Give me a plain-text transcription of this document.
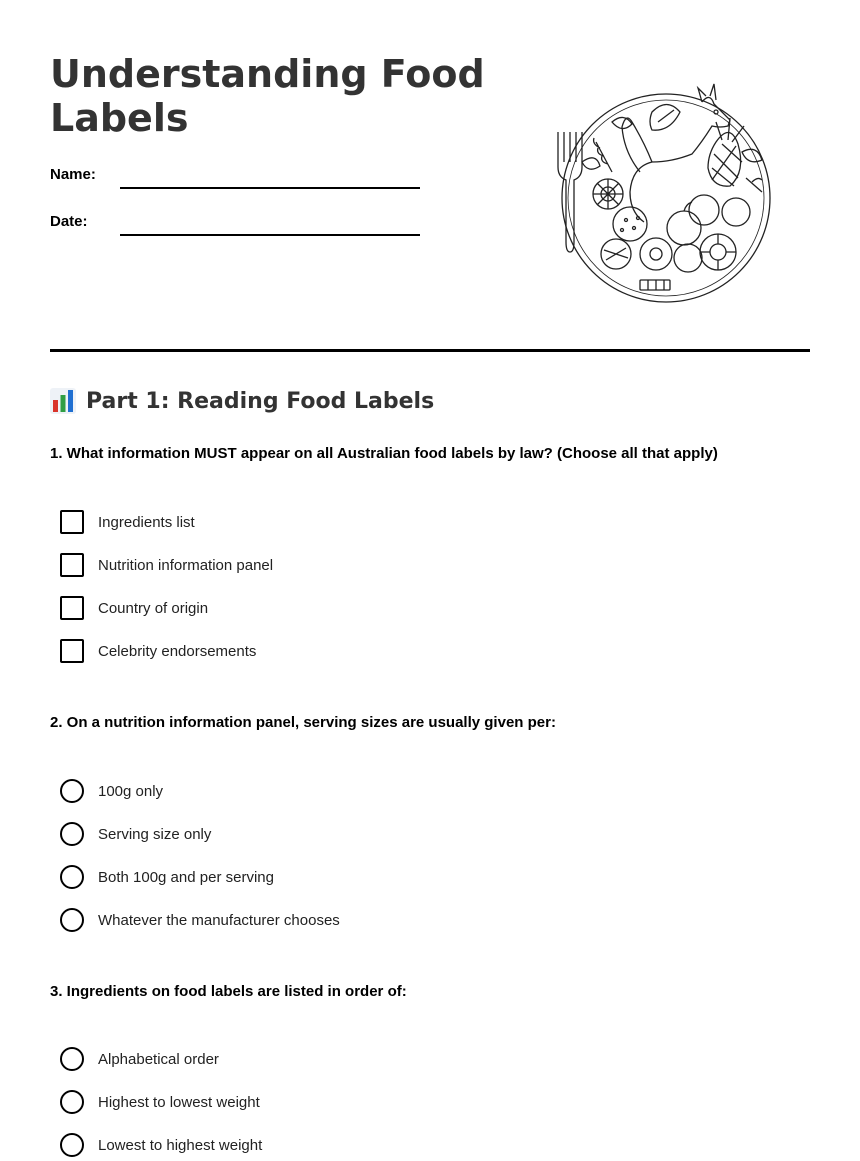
Understanding Food Labels
Name:
Date:
Part 1: Reading Food Labels

1. What information MUST appear on all Australian food labels by law? (Choose all that apply)

Ingredients list
Nutrition information panel
Country of origin
Celebrity endorsements

2. On a nutrition information panel, serving sizes are usually given per:

100g only
Serving size only
Both 100g and per serving
Whatever the manufacturer chooses

3. Ingredients on food labels are listed in order of:

Alphabetical order
Highest to lowest weight
Lowest to highest weight
